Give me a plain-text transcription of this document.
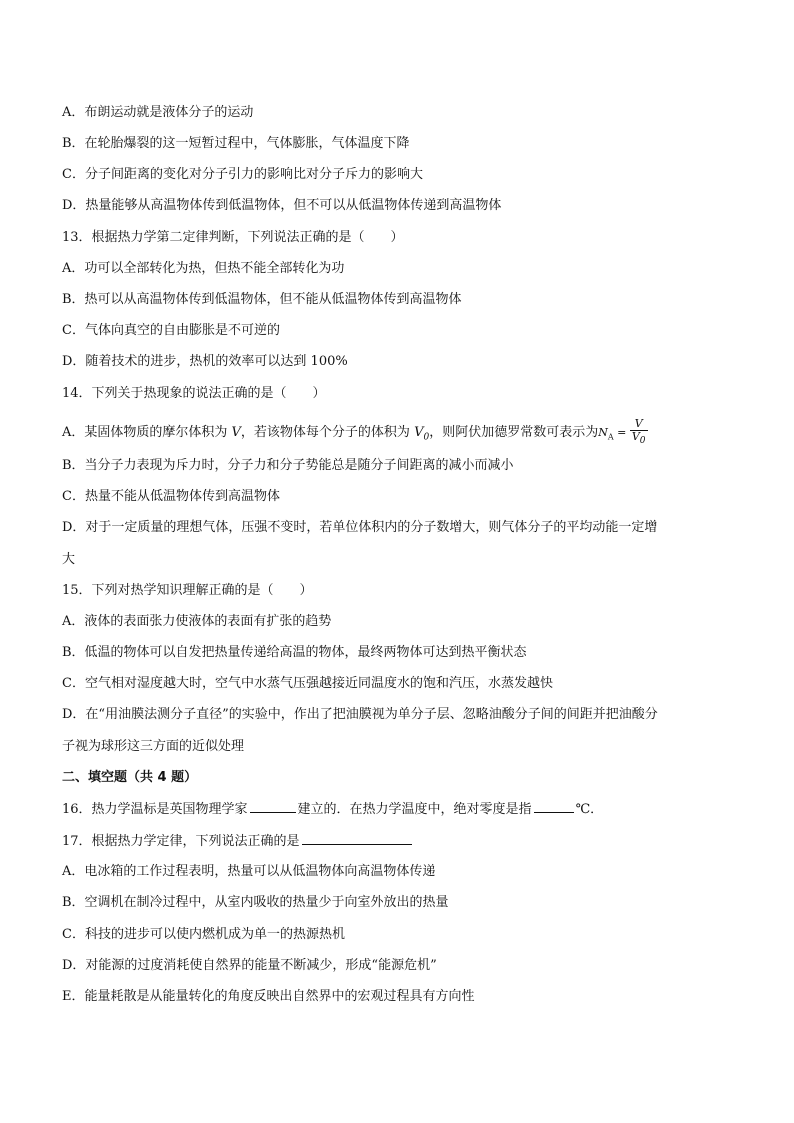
A．布朗运动就是液体分子的运动
B．在轮胎爆裂的这一短暂过程中，气体膨胀，气体温度下降
C．分子间距离的变化对分子引力的影响比对分子斥力的影响大
D．热量能够从高温物体传到低温物体，但不可以从低温物体传递到高温物体
13．根据热力学第二定律判断，下列说法正确的是（　　）
A．功可以全部转化为热，但热不能全部转化为功
B．热可以从高温物体传到低温物体，但不能从低温物体传到高温物体
C．气体向真空的自由膨胀是不可逆的
D．随着技术的进步，热机的效率可以达到 100%
14．下列关于热现象的说法正确的是（　　）
A．某固体物质的摩尔体积为 V，若该物体每个分子的体积为 $V_0$，则阿伏加德罗常数可表示为$N_A = \frac{V}{V_0}$
B．当分子力表现为斥力时，分子力和分子势能总是随分子间距离的减小而减小
C．热量不能从低温物体传到高温物体
D．对于一定质量的理想气体，压强不变时，若单位体积内的分子数增大，则气体分子的平均动能一定增
大
15．下列对热学知识理解正确的是（　　）
A．液体的表面张力使液体的表面有扩张的趋势
B．低温的物体可以自发把热量传递给高温的物体，最终两物体可达到热平衡状态
C．空气相对湿度越大时，空气中水蒸气压强越接近同温度水的饱和汽压，水蒸发越快
D．在“用油膜法测分子直径”的实验中，作出了把油膜视为单分子层、忽略油酸分子间的间距并把油酸分
子视为球形这三方面的近似处理
二、填空题（共 4 题）
16．热力学温标是英国物理学家	建立的．在热力学温度中，绝对零度是指	℃．
17．根据热力学定律，下列说法正确的是
A．电冰箱的工作过程表明，热量可以从低温物体向高温物体传递
B．空调机在制冷过程中，从室内吸收的热量少于向室外放出的热量
C．科技的进步可以使内燃机成为单一的热源热机
D．对能源的过度消耗使自然界的能量不断减少，形成“能源危机”
E．能量耗散是从能量转化的角度反映出自然界中的宏观过程具有方向性
